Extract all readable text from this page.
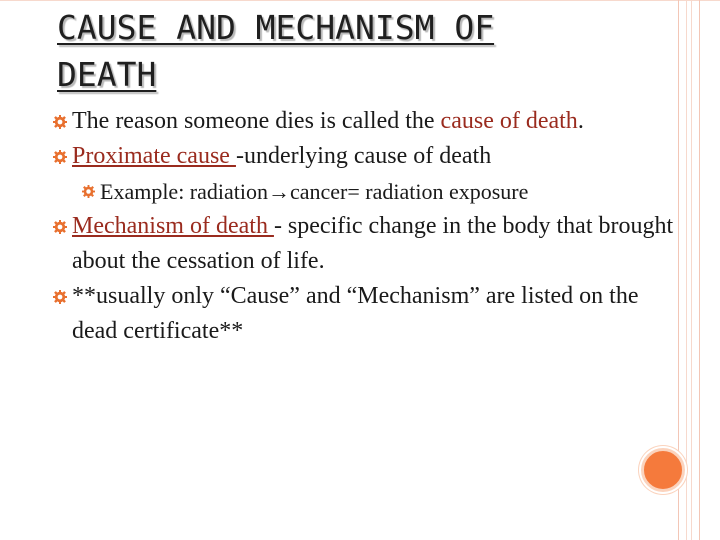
CAUSE AND MECHANISM OF
DEATH
The reason someone dies is called the cause of death.
Proximate cause -underlying cause of death
Example: radiation→cancer= radiation exposure
Mechanism of death - specific change in the body that brought about the cessation of life.
**usually only “Cause” and “Mechanism” are listed on the dead certificate**
